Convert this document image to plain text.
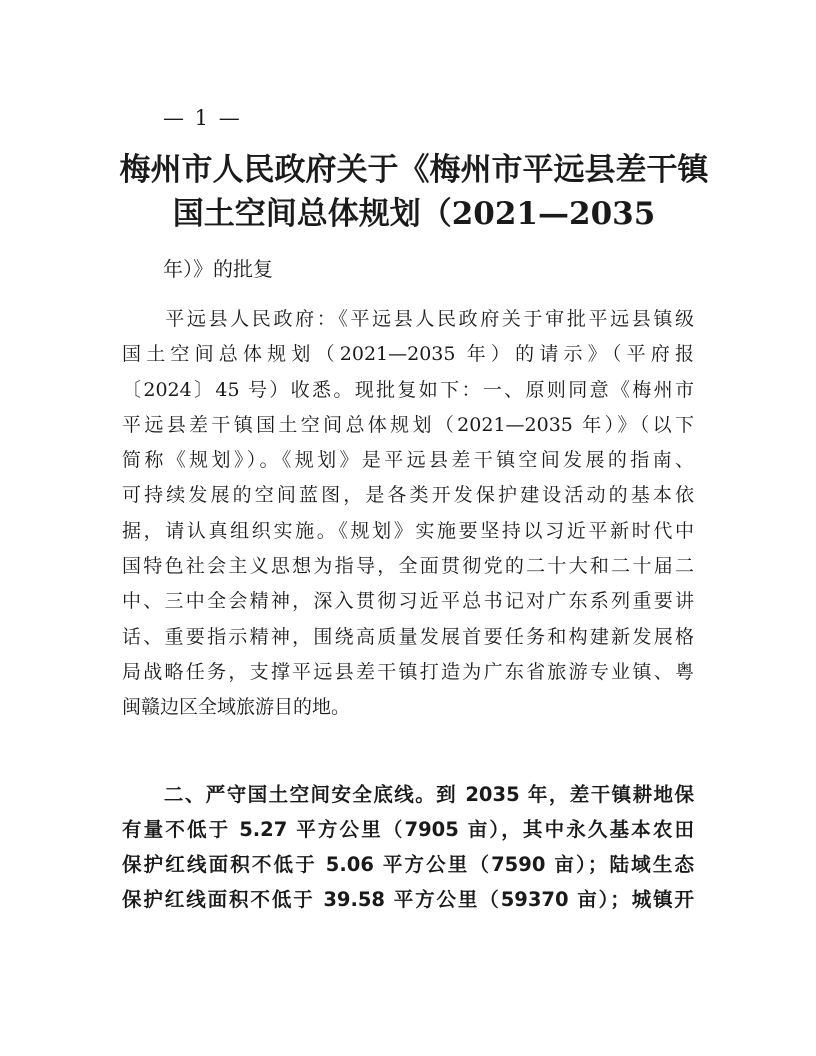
— 1 —
梅州市人民政府关于《梅州市平远县差干镇
国土空间总体规划（2021—2035

年）》的批复

　　平远县人民政府：《平远县人民政府关于审批平远县镇级
国土空间总体规划（2021—2035 年）的请示》（平府报
〔2024〕45 号）收悉。现批复如下：一、原则同意《梅州市
平远县差干镇国土空间总体规划（2021—2035 年）》（以下
简称《规划》）。《规划》是平远县差干镇空间发展的指南、
可持续发展的空间蓝图，是各类开发保护建设活动的基本依
据，请认真组织实施。《规划》实施要坚持以习近平新时代中
国特色社会主义思想为指导，全面贯彻党的二十大和二十届二
中、三中全会精神，深入贯彻习近平总书记对广东系列重要讲
话、重要指示精神，围绕高质量发展首要任务和构建新发展格
局战略任务，支撑平远县差干镇打造为广东省旅游专业镇、粤
闽赣边区全域旅游目的地。

　　二、严守国土空间安全底线。到 2035 年，差干镇耕地保
有量不低于 5.27 平方公里（7905 亩），其中永久基本农田
保护红线面积不低于 5.06 平方公里（7590 亩）；陆域生态
保护红线面积不低于 39.58 平方公里（59370 亩）；城镇开
